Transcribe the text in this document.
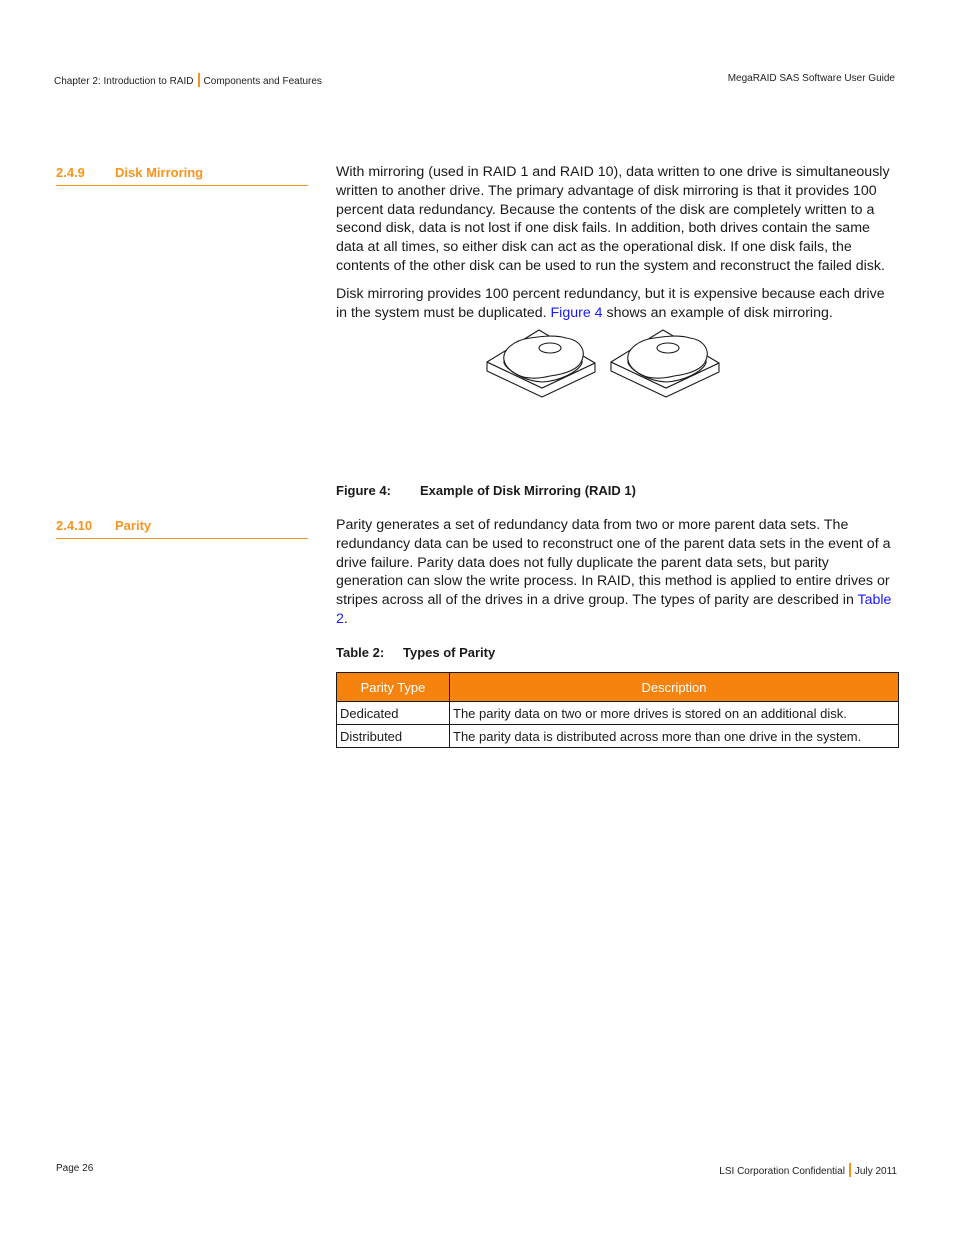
Chapter 2: Introduction to RAID Components and Features	MegaRAID SAS Software User Guide
2.4.9 Disk Mirroring	With mirroring (used in RAID 1 and RAID 10), data written to one drive is simultaneously written to another drive. The primary advantage of disk mirroring is that it provides 100 percent data redundancy. Because the contents of the disk are completely written to a second disk, data is not lost if one disk fails. In addition, both drives contain the same data at all times, so either disk can act as the operational disk. If one disk fails, the contents of the other disk can be used to run the system and reconstruct the failed disk.

Disk mirroring provides 100 percent redundancy, but it is expensive because each drive in the system must be duplicated. Figure 4 shows an example of disk mirroring.

Figure 4: Example of Disk Mirroring (RAID 1)
2.4.10 Parity	Parity generates a set of redundancy data from two or more parent data sets. The redundancy data can be used to reconstruct one of the parent data sets in the event of a drive failure. Parity data does not fully duplicate the parent data sets, but parity generation can slow the write process. In RAID, this method is applied to entire drives or stripes across all of the drives in a drive group. The types of parity are described in Table 2.

Table 2: Types of Parity
Parity Type	Description
Dedicated	The parity data on two or more drives is stored on an additional disk.
Distributed	The parity data is distributed across more than one drive in the system.
Page 26	LSI Corporation Confidential July 2011
